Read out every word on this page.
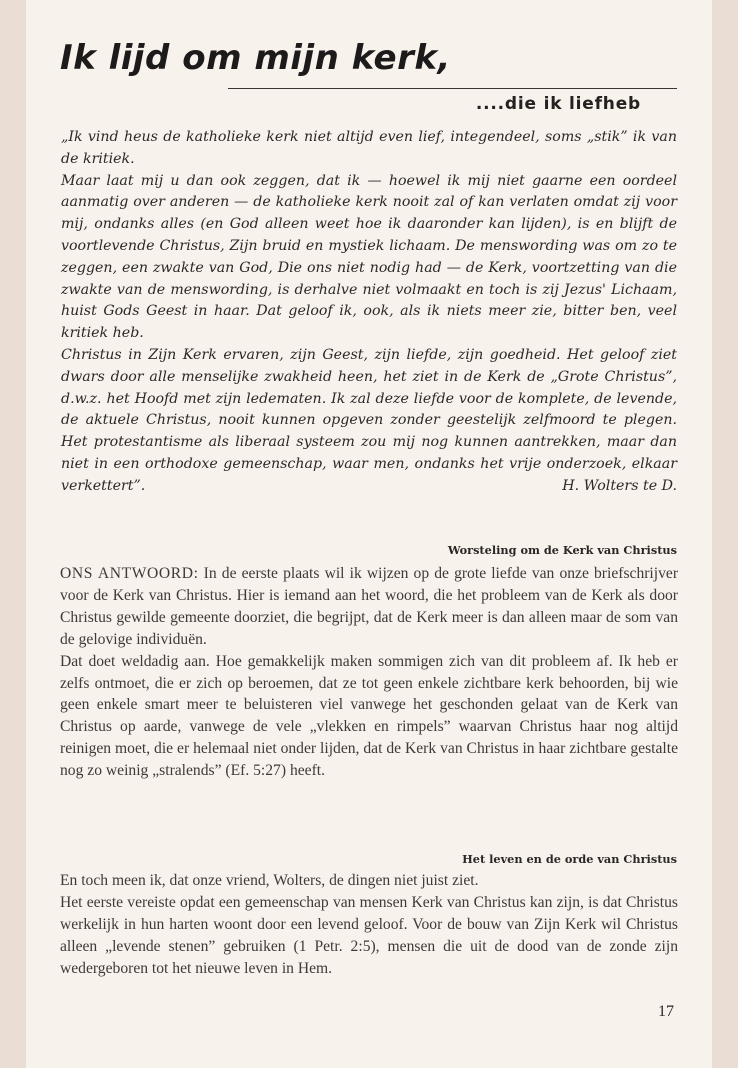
Ik lijd om mijn kerk,
....die ik liefheb

„Ik vind heus de katholieke kerk niet altijd even lief, integendeel, soms „stik” ik van de kritiek.

Maar laat mij u dan ook zeggen, dat ik — hoewel ik mij niet gaarne een oordeel aanmatig over anderen — de katholieke kerk nooit zal of kan verlaten omdat zij voor mij, ondanks alles (en God alleen weet hoe ik daaronder kan lijden), is en blijft de voortlevende Christus, Zijn bruid en mystiek lichaam. De menswording was om zo te zeggen, een zwakte van God, Die ons niet nodig had — de Kerk, voortzetting van die zwakte van de menswording, is derhalve niet volmaakt en toch is zij Jezus' Lichaam, huist Gods Geest in haar. Dat geloof ik, ook, als ik niets meer zie, bitter ben, veel kritiek heb.

Christus in Zijn Kerk ervaren, zijn Geest, zijn liefde, zijn goedheid. Het geloof ziet dwars door alle menselijke zwakheid heen, het ziet in de Kerk de „Grote Christus”, d.w.z. het Hoofd met zijn ledematen. Ik zal deze liefde voor de komplete, de levende, de aktuele Christus, nooit kunnen opgeven zonder geestelijk zelfmoord te plegen. Het protestantisme als liberaal systeem zou mij nog kunnen aantrekken, maar dan niet in een orthodoxe gemeenschap, waar men, ondanks het vrije onderzoek, elkaar verkettert”.	H. Wolters te D.

Worsteling om de Kerk van Christus

ONS ANTWOORD: In de eerste plaats wil ik wijzen op de grote liefde van onze briefschrijver voor de Kerk van Christus. Hier is iemand aan het woord, die het probleem van de Kerk als door Christus gewilde gemeente doorziet, die begrijpt, dat de Kerk meer is dan alleen maar de som van de gelovige individuën.

Dat doet weldadig aan. Hoe gemakkelijk maken sommigen zich van dit probleem af. Ik heb er zelfs ontmoet, die er zich op beroemen, dat ze tot geen enkele zichtbare kerk behoorden, bij wie geen enkele smart meer te beluisteren viel vanwege het geschonden gelaat van de Kerk van Christus op aarde, vanwege de vele „vlekken en rimpels” waarvan Christus haar nog altijd reinigen moet, die er helemaal niet onder lijden, dat de Kerk van Christus in haar zichtbare gestalte nog zo weinig „stralends” (Ef. 5:27) heeft.

Het leven en de orde van Christus

En toch meen ik, dat onze vriend, Wolters, de dingen niet juist ziet.

Het eerste vereiste opdat een gemeenschap van mensen Kerk van Christus kan zijn, is dat Christus werkelijk in hun harten woont door een levend geloof. Voor de bouw van Zijn Kerk wil Christus alleen „levende stenen” gebruiken (1 Petr. 2:5), mensen die uit de dood van de zonde zijn wedergeboren tot het nieuwe leven in Hem.

17
